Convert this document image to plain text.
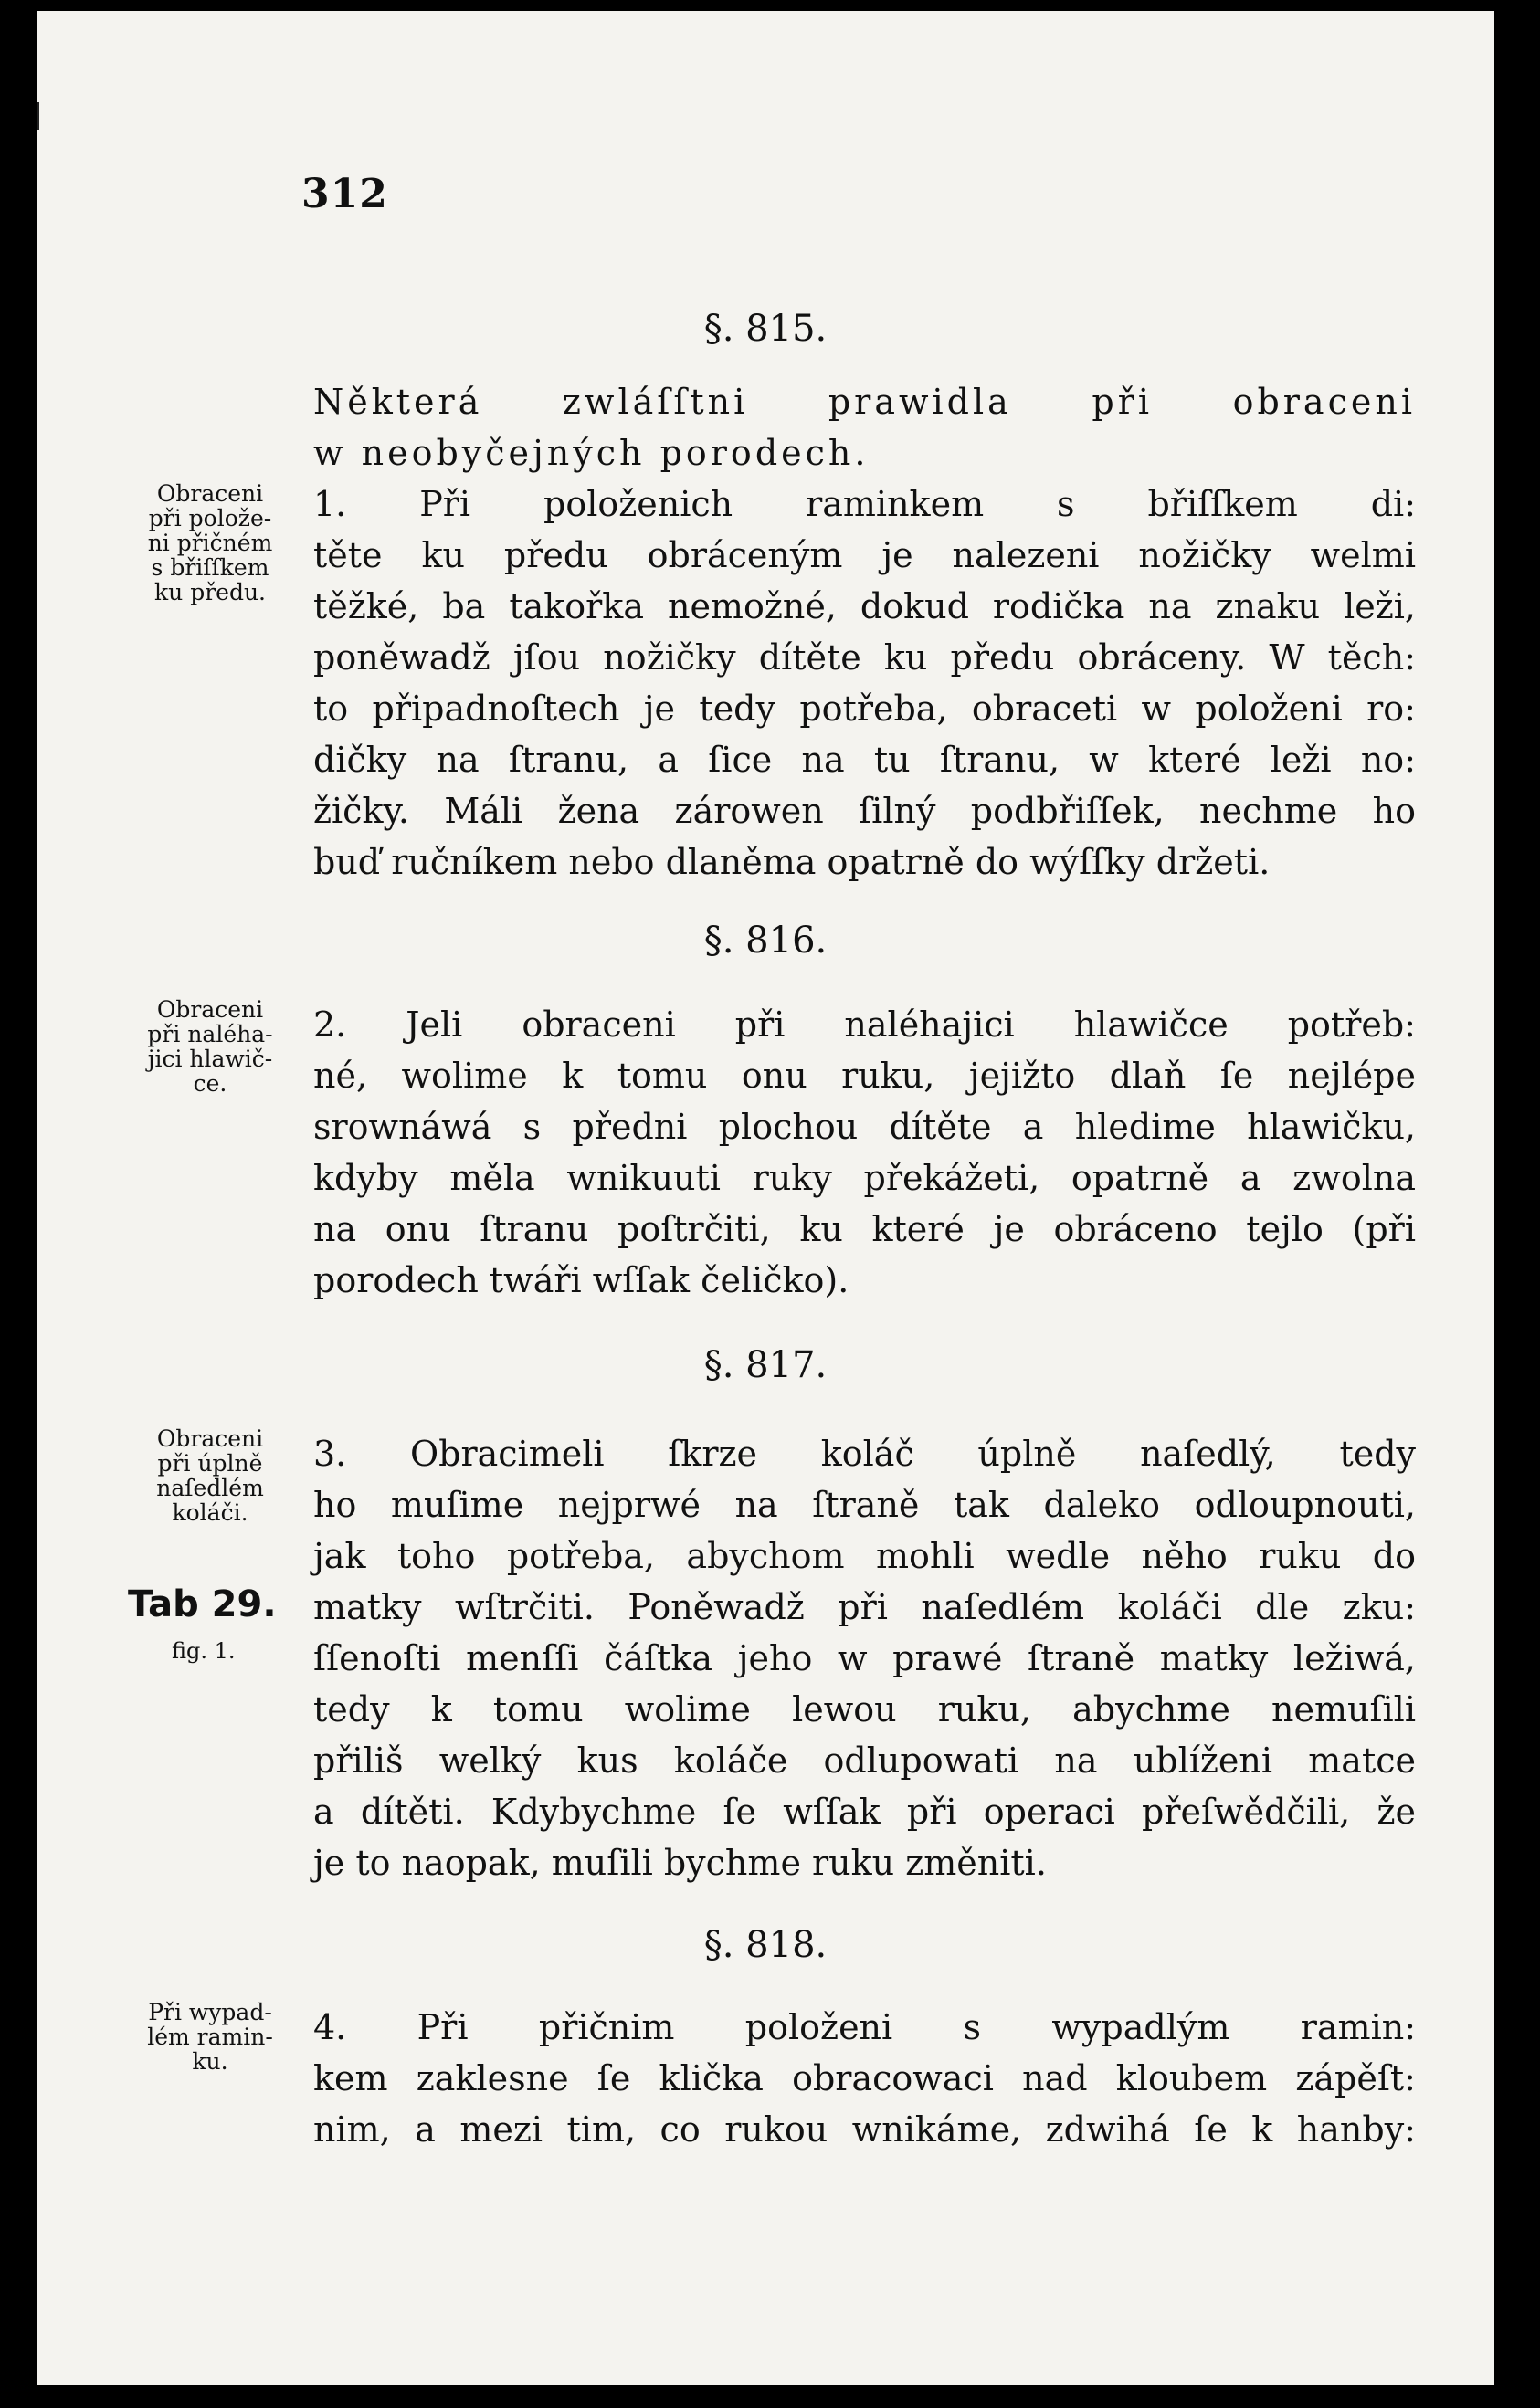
312
§. 815.
Některá zwláſſtni prawidla při obraceni
w neobyčejných porodech.
1. Při položenich raminkem s břiſſkem di:
těte ku předu obráceným je nalezeni nožičky welmi
těžké, ba takořka nemožné, dokud rodička na znaku leži,
poněwadž jſou nožičky dítěte ku předu obráceny. W těch:
to připadnoſtech je tedy potřeba, obraceti w položeni ro:
dičky na ſtranu, a ſice na tu ſtranu, w které leži no:
žičky. Máli žena zárowen ſilný podbřiſſek, nechme ho
buď ručníkem nebo dlaněma opatrně do wýſſky držeti.
Obraceni
při polože-
ni přičném
s břiſſkem
ku předu.
§. 816.
2. Jeli obraceni při naléhajici hlawičce potřeb:
né, wolime k tomu onu ruku, jejižto dlaň ſe nejlépe
srownáwá s předni plochou dítěte a hledime hlawičku,
kdyby měla wnikuuti ruky překážeti, opatrně a zwolna
na onu ſtranu poſtrčiti, ku které je obráceno tejlo (při
porodech twáři wſſak čeličko).
Obraceni
při naléha-
jici hlawič-
ce.
§. 817.
3. Obracimeli ſkrze koláč úplně naſedlý, tedy
ho muſime nejprwé na ſtraně tak daleko odloupnouti,
jak toho potřeba, abychom mohli wedle něho ruku do
matky wſtrčiti. Poněwadž při naſedlém koláči dle zku:
ſſenoſti menſſi čáſtka jeho w prawé ſtraně matky ležiwá,
tedy k tomu wolime lewou ruku, abychme nemuſili
přiliš welký kus koláče odlupowati na ublíženi matce
a dítěti. Kdybychme ſe wſſak při operaci přeſwědčili, že
je to naopak, muſili bychme ruku změniti.
Obraceni
při úplně
naſedlém
koláči.
Tab 29.
fig. 1.
§. 818.
4. Při přičnim položeni s wypadlým ramin:
kem zaklesne ſe klička obracowaci nad kloubem zápěſt:
nim, a mezi tim, co rukou wnikáme, zdwihá ſe k hanby:
Při wypad-
lém ramin-
ku.
